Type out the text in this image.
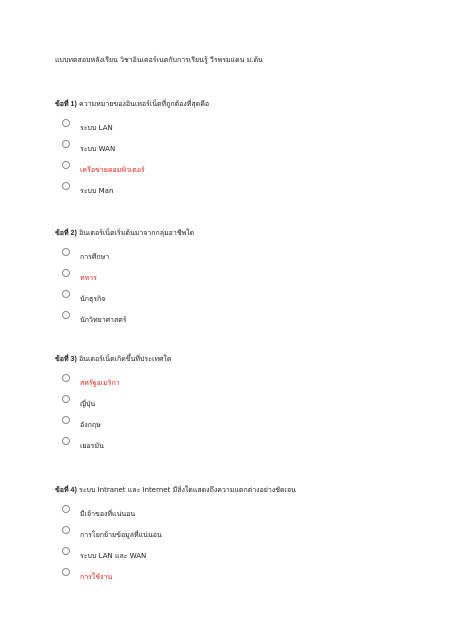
แบบทดสอบหลังเรียน วิชาอินเตอร์เนตกับการเรียนรู้ วีรพรมแดน ม.ต้น
ข้อที่ 1) ความหมายของอินเทอร์เน็ตที่ถูกต้องที่สุดคือ
ระบบ LAN
ระบบ WAN
เครือข่ายคอมพิวเตอร์
ระบบ Man
ข้อที่ 2) อินเตอร์เน็ตเริ่มต้นมาจากกลุ่มอาชีพใด
การศึกษา
ทหาร
นักธุรกิจ
นักวิทยาศาสตร์
ข้อที่ 3) อินเตอร์เน็ตเกิดขึ้นที่ประเทศใด
สหรัฐอเมริกา
ญี่ปุ่น
อังกฤษ
เยอรมัน
ข้อที่ 4) ระบบ Intranet และ Internet มีสิ่งใดแสดงถึงความแตกต่างอย่างชัดเจน
มีเจ้าของที่แน่นอน
การโยกย้ายข้อมูลที่แน่นอน
ระบบ LAN และ WAN
การใช้งาน
